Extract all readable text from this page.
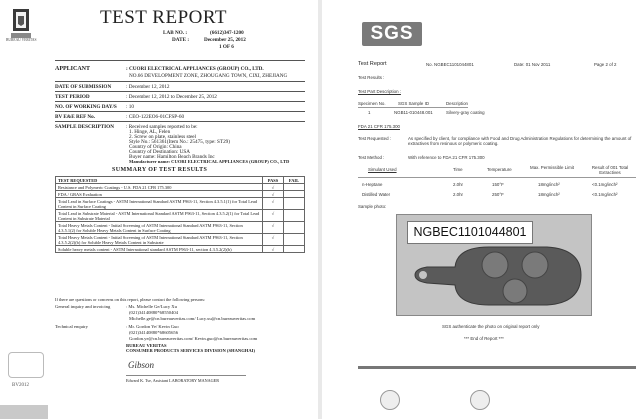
BUREAU VERITAS
TEST REPORT
LAB NO. :	(6612)347-1200
DATE :	December 25, 2012
1 OF 6
APPLICANT	: CUORI ELECTRICAL APPLIANCES (GROUP) CO., LTD.
NO.66 DEVELOPMENT ZONE, ZHOUGANG TOWN, CIXI, ZHEJIANG
DATE OF SUBMISSION	: December 12, 2012
TEST PERIOD	: December 12, 2012 to December 25, 2012
NO. OF WORKING DAY/S : 10
BV E&E REF No.	: CEO-122EO6-01CFSP-60
SAMPLE DESCRIPTION : Received samples reported to be:
1. Hinge, AL, Felen
2. Screw on plate, stainless steel
Style No.: 561361(Item No.: 25475, type: ST29)
Country of Origin: China
Country of Destination: USA
Buyer name: Hamilton Beach Brands Inc
Manufacturer name: CUORI ELECTRICAL APPLIANCES (GROUP) CO., LTD
SUMMARY OF TEST RESULTS
TEST REQUESTED	PASS	FAIL
Resistance and Polymeric Coatings - U.S. FDA 21 CFR 175.300	√	
FDA / GRAS Evaluation	√	
Total Lead in Surface Coatings - ASTM International Standard ASTM F963-11, Section 4.3.5.1(1) for Total Lead Content in Surface Coating	√	
Total Lead in Substrate Material - ASTM International Standard ASTM F963-11, Section 4.3.5.2(1) for Total Lead Content in Substrate Material	√	
Total Heavy Metals Content - Initial Screening of ASTM International Standard ASTM F963-11, Section 4.3.5.1(2) for Soluble Heavy Metals Content in Surface Coating	√	
Total Heavy Metals Content - Initial Screening of ASTM International Standard ASTM F963-11, Section 4.3.5.2(2)(b) for Soluble Heavy Metals Content in Substrate	√	
Soluble heavy metals content - ASTM International standard ASTM F963-11, section 4.3.5.2(2)(b)	√	
If there are questions or concerns on this report, please contact the following persons:
General inquiry and invoicing	: Ms. Michelle Ge/Lucy Xu
(021)34140880*68550404
Michelle.ge@cn.bureauveritas.com/ Lucy.xu@cn.bureauveritas.com
Technical enquiry	: Mr. Gordon Ye/ Kevin Guo
(021)34140880*68605656
Gordon.ye@cn.bureauveritas.com/ Kevin.guo@cn.bureauveritas.com
BUREAU VERITAS
CONSUMER PRODUCTS SERVICES DIVISION (SHANGHAI)
Gibson
Edward K. Tse, Assistant LABORATORY MANAGER
BV2012
SGS
Test Report	No. NGBEC1101044801	Date: 01 Nov 2011	Page 2 of 2
Test Results :
Test Part Description :
Specimen No.	SGS Sample ID	Description
1	NGB11-010448.001	Silvery-gray coating
FDA 21 CFR 175.300
Test Requested :	As specified by client, for compliance with Food and Drug Administration Regulations for determining the amount of extractives from resinous or polymeric coating.
Test Method :	With reference to FDA 21 CFR 175.300
Simulant Used	Time	Temperature	Max. Permissible Limit	Result of 001 Total Extractives
n-Heptane	2.0hr	150°F	18mg/inch²	<0.1mg/inch²
Distilled Water	2.0hr	250°F	18mg/inch²	<0.1mg/inch²
Sample photo:
NGBEC1101044801
SGS authenticate the photo on original report only
*** End of Report ***
